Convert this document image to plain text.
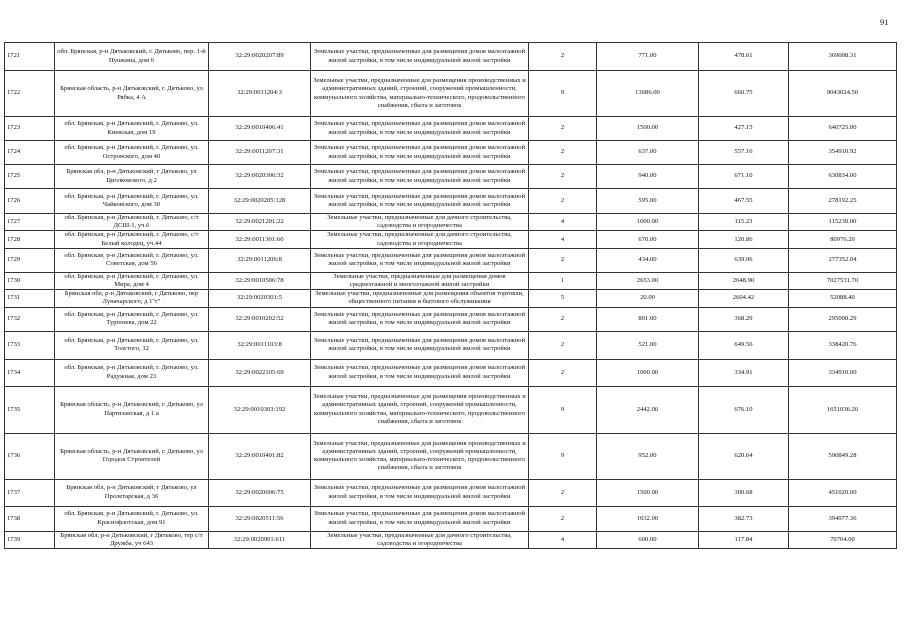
91
1721	обл. Брянская, р-н Дятьковский, г. Дятьково, пер. 1-й Пушкина, дом 6	32:29:0020207:89	Земельные участки, предназначенные для размещения домов малоэтажной жилой застройки, в том числе индивидуальной жилой застройки	2	771.00	478.61	369008.31
1722	Брянская область, р-н Дятьковский, г. Дятьково, ул Рябка, 4 А	32:29:0011204:3	Земельные участки, предназначенные для размещения производственных и административных зданий, строений, сооружений промышленности, коммунального хозяйства, материально-технического, продовольственного снабжения, сбыта и заготовок	9	13686.00	660.75	9043024.50
1723	обл. Брянская, р-н Дятьковский, г. Дятьково, ул. Киевская, дом 19	32:29:0010406:41	Земельные участки, предназначенные для размещения домов малоэтажной жилой застройки, в том числе индивидуальной жилой застройки	2	1500.00	427.15	640725.00
1724	обл. Брянская, р-н Дятьковский, г. Дятьково, ул. Островского, дом 40	32:29:0011207:31	Земельные участки, предназначенные для размещения домов малоэтажной жилой застройки, в том числе индивидуальной жилой застройки	2	637.00	557.16	354910.92
1725	Брянская обл, р-н Дятьковский, г Дятьково, ул Циолковского, д 2	32:29:0020306:32	Земельные участки, предназначенные для размещения домов малоэтажной жилой застройки, в том числе индивидуальной жилой застройки	2	940.00	671.10	630834.00
1726	обл. Брянская, р-н Дятьковский, г. Дятьково, ул. Чайковского, дом 30	32:29:0020205:128	Земельные участки, предназначенные для размещения домов малоэтажной жилой застройки, в том числе индивидуальной жилой застройки	2	595.00	467.55	278192.25
1727	обл. Брянская, р-н Дятьковский, г. Дятьково, с/т ДСШ-1, уч.6	32:29:0021201:22	Земельные участки, предназначенные для дачного строительства, садоводства и огородничества	4	1000.00	115.23	115230.00
1728	обл. Брянская, р-н Дятьковский, г. Дятьково, с/т Белый колодец, уч.44	32:29:0011301:60	Земельные участки, предназначенные для дачного строительства, садоводства и огородничества	4	670.00	120.86	80976.20
1729	обл. Брянская, р-н Дятьковский, г. Дятьково, ул. Советская, дом 56	32:29:0011206:8	Земельные участки, предназначенные для размещения домов малоэтажной жилой застройки, в том числе индивидуальной жилой застройки	2	434.00	639.06	277352.04
1730	обл. Брянская, р-н Дятьковский, г. Дятьково, ул. Мира, дом 4	32:29:0010506:78	Земельные участки, предназначенные для размещения домов среднеэтажной и многоэтажной жилой застройки	1	2653.00	2648.90	7027531.70
1731	Брянская обл, р-н Дятьковский, г Дятьково, пер Луначарского, д 1"г"	32:29:0020301:5	Земельные участки, предназначенные для размещения объектов торговли, общественного питания и бытового обслуживания	5	20.00	2604.42	52088.40
1732	обл. Брянская, р-н Дятьковский, г. Дятьково, ул. Тургенева, дом 22	32:29:0010202:52	Земельные участки, предназначенные для размещения домов малоэтажной жилой застройки, в том числе индивидуальной жилой застройки	2	801.00	368.29	295000.29
1733	обл. Брянская, р-н Дятьковский, г. Дятьково, ул. Толстого, 32	32:29:0011103:8	Земельные участки, предназначенные для размещения домов малоэтажной жилой застройки, в том числе индивидуальной жилой застройки	2	521.00	649.56	338420.76
1734	обл. Брянская, р-н Дятьковский, г. Дятьково, ул. Радужная, дом 23	32:29:0022105:69	Земельные участки, предназначенные для размещения домов малоэтажной жилой застройки, в том числе индивидуальной жилой застройки	2	1000.00	334.91	334910.00
1735	Брянская область, р-н Дятьковский, г. Дятьково, ул Партизанская, д 1 а	32:29:0010303:192	Земельные участки, предназначенные для размещения производственных и административных зданий, строений, сооружений промышленности, коммунального хозяйства, материально-технического, продовольственного снабжения, сбыта и заготовок	9	2442.00	676.10	1651036.20
1736	Брянская область, р-н Дятьковский, г. Дятьково, ул Городок Строителей	32:29:0010401:82	Земельные участки, предназначенные для размещения производственных и административных зданий, строений, сооружений промышленности, коммунального хозяйства, материально-технического, продовольственного снабжения, сбыта и заготовок	9	952.00	620.64	590849.28
1737	Брянская обл, р-н Дятьковский, г Дятьково, ул Пролетарская, д 36	32:29:0020606:75	Земельные участки, предназначенные для размещения домов малоэтажной жилой застройки, в том числе индивидуальной жилой застройки	2	1500.00	300.68	451020.00
1738	обл. Брянская, р-н Дятьковский, г. Дятьково, ул. Краснофлотская, дом 91	32:29:0020511:56	Земельные участки, предназначенные для размещения домов малоэтажной жилой застройки, в том числе индивидуальной жилой застройки	2	1032.00	382.73	394977.36
1739	Брянская обл, р-н Дятьковский, г Дятьково, тер с/т Дружба, уч 643	32:29:0020901:611	Земельные участки, предназначенные для дачного строительства, садоводства и огородничества	4	600.00	117.84	70704.00
